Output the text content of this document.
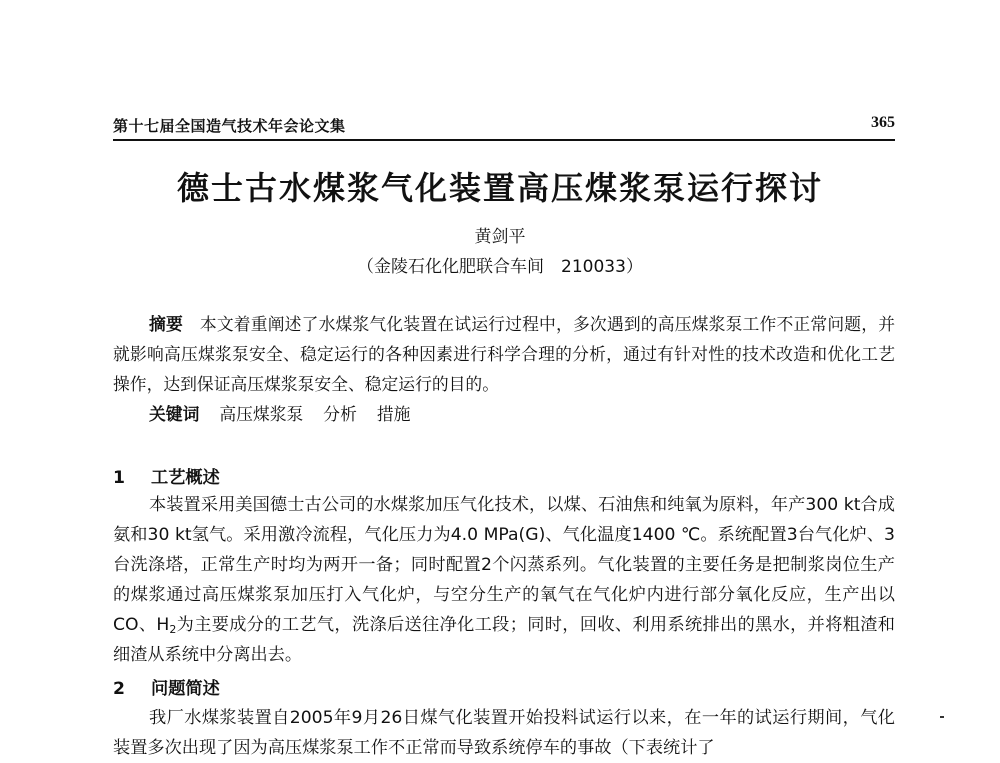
第十七届全国造气技术年会论文集	365
德士古水煤浆气化装置高压煤浆泵运行探讨
黄剑平
（金陵石化化肥联合车间　210033）
摘要　 本文着重阐述了水煤浆气化装置在试运行过程中，多次遇到的高压煤浆泵工作不正常问题，并就影响高压煤浆泵安全、稳定运行的各种因素进行科学合理的分析，通过有针对性的技术改造和优化工艺操作，达到保证高压煤浆泵安全、稳定运行的目的。
关键词 高压煤浆泵 分析 措施
1 工艺概述
本装置采用美国德士古公司的水煤浆加压气化技术，以煤、石油焦和纯氧为原料，年产300 kt合成氨和30 kt氢气。采用激冷流程，气化压力为4.0 MPa(G)、气化温度1400 ℃。系统配置3台气化炉、3台洗涤塔，正常生产时均为两开一备；同时配置2个闪蒸系列。气化装置的主要任务是把制浆岗位生产的煤浆通过高压煤浆泵加压打入气化炉，与空分生产的氧气在气化炉内进行部分氧化反应，生产出以CO、$H_2$为主要成分的工艺气，洗涤后送往净化工段；同时，回收、利用系统排出的黑水，并将粗渣和细渣从系统中分离出去。
2 问题简述
我厂水煤浆装置自2005年9月26日煤气化装置开始投料试运行以来，在一年的试运行期间，气化装置多次出现了因为高压煤浆泵工作不正常而导致系统停车的事故（下表统计了
